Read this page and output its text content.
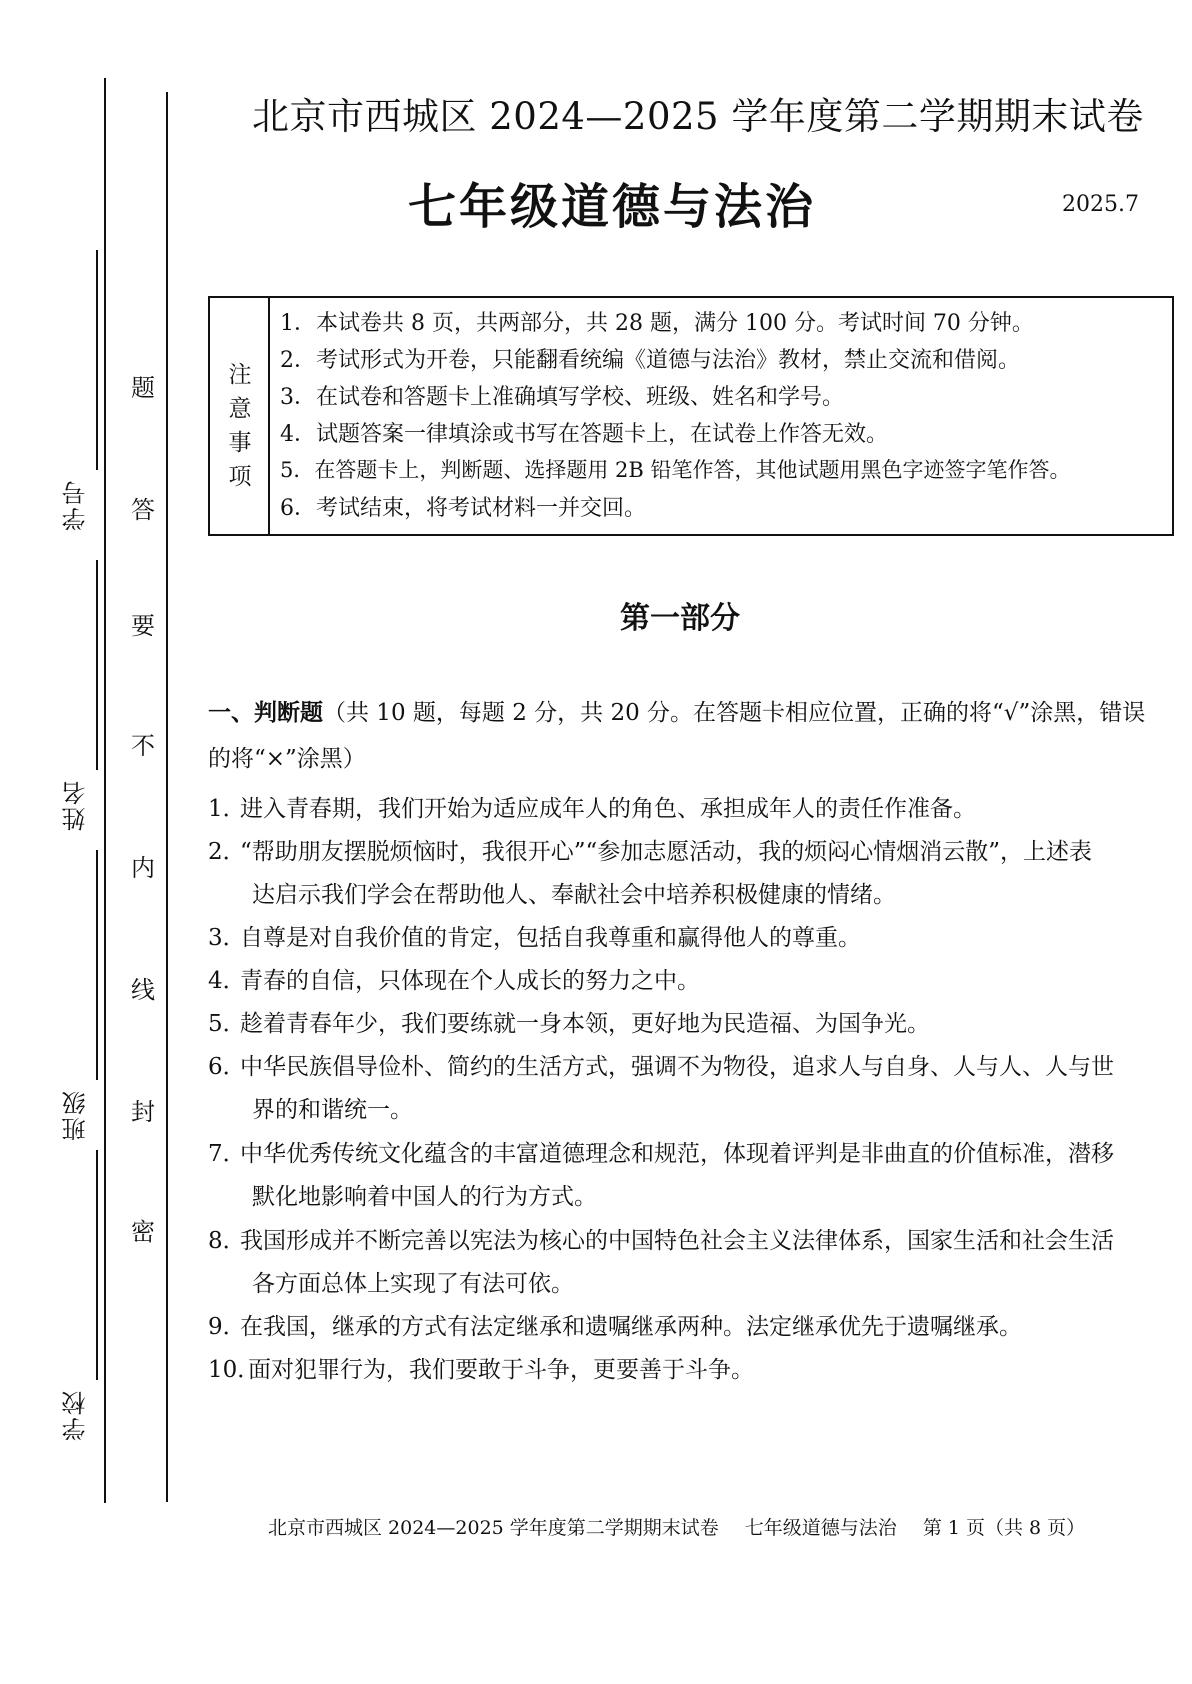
学号
姓名
班级
学校
题
答
要
不
内
线
封
密
北京市西城区 2024—2025 学年度第二学期期末试卷
七年级道德与法治	2025.7
注
意
事
项
1．本试卷共 8 页，共两部分，共 28 题，满分 100 分。考试时间 70 分钟。
2．考试形式为开卷，只能翻看统编《道德与法治》教材，禁止交流和借阅。
3．在试卷和答题卡上准确填写学校、班级、姓名和学号。
4．试题答案一律填涂或书写在答题卡上，在试卷上作答无效。
5．在答题卡上，判断题、选择题用 2B 铅笔作答，其他试题用黑色字迹签字笔作答。
6．考试结束，将考试材料一并交回。
第一部分
一、判断题（共 10 题，每题 2 分，共 20 分。在答题卡相应位置，正确的将“√”涂黑，错误的将“×”涂黑）
1．进入青春期，我们开始为适应成年人的角色、承担成年人的责任作准备。
2．“帮助朋友摆脱烦恼时，我很开心”“参加志愿活动，我的烦闷心情烟消云散”，上述表
达启示我们学会在帮助他人、奉献社会中培养积极健康的情绪。
3．自尊是对自我价值的肯定，包括自我尊重和赢得他人的尊重。
4．青春的自信，只体现在个人成长的努力之中。
5．趁着青春年少，我们要练就一身本领，更好地为民造福、为国争光。
6．中华民族倡导俭朴、简约的生活方式，强调不为物役，追求人与自身、人与人、人与世
界的和谐统一。
7．中华优秀传统文化蕴含的丰富道德理念和规范，体现着评判是非曲直的价值标准，潜移
默化地影响着中国人的行为方式。
8．我国形成并不断完善以宪法为核心的中国特色社会主义法律体系，国家生活和社会生活
各方面总体上实现了有法可依。
9．在我国，继承的方式有法定继承和遗嘱继承两种。法定继承优先于遗嘱继承。
10．面对犯罪行为，我们要敢于斗争，更要善于斗争。
北京市西城区 2024—2025 学年度第二学期期末试卷 七年级道德与法治 第 1 页（共 8 页）
